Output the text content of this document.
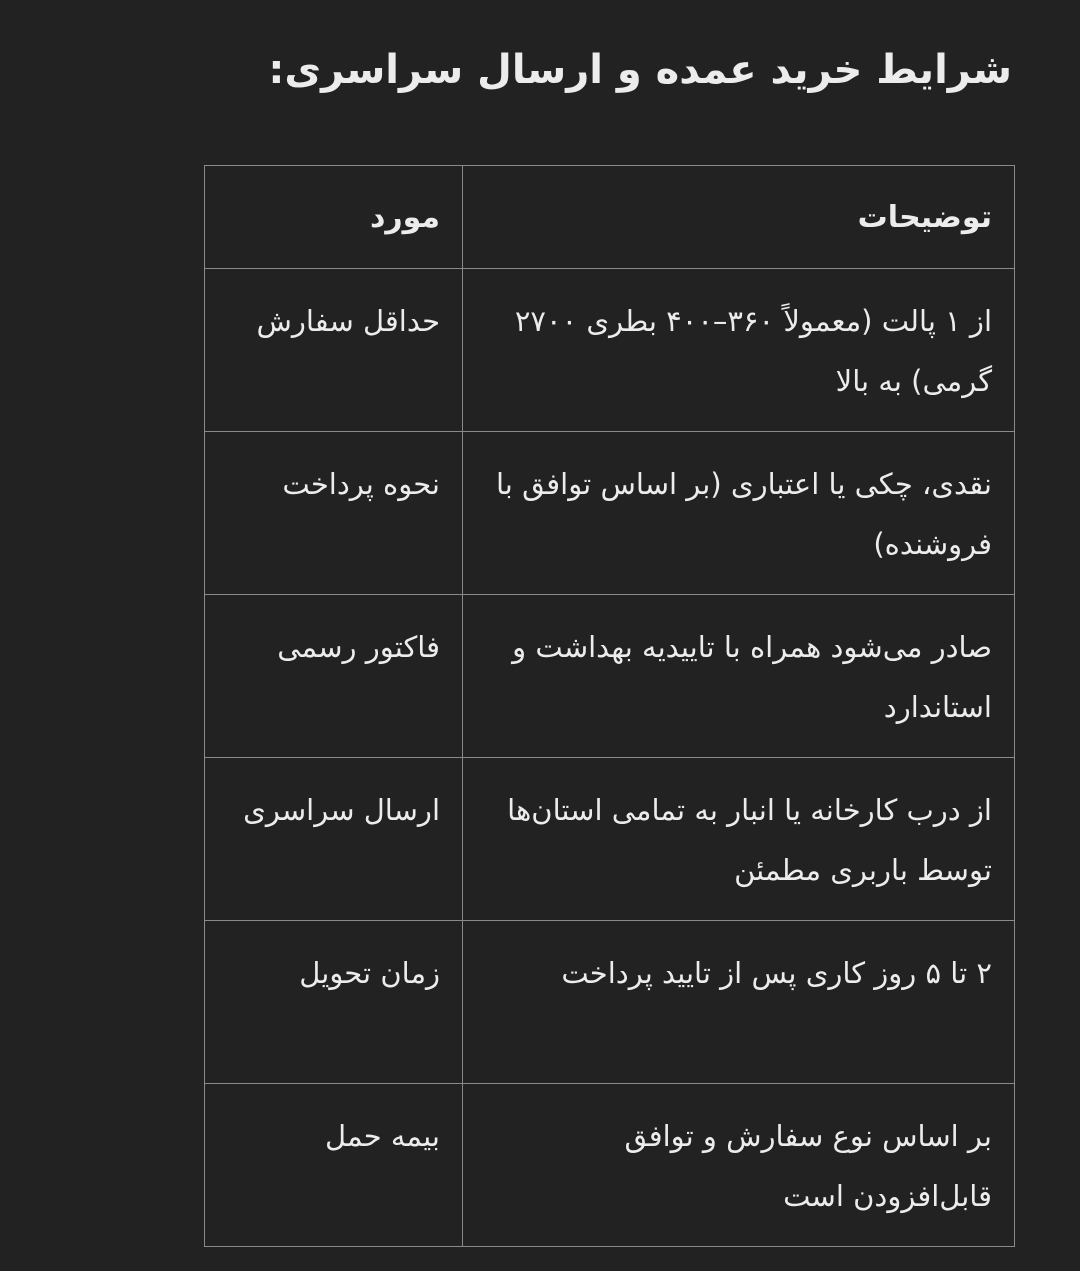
شرایط خرید عمده و ارسال سراسری:
توضیحات	مورد
از ۱ پالت (معمولاً ۳۶۰–۴۰۰ بطری ۲۷۰۰ گرمی) به بالا	حداقل سفارش
نقدی، چکی یا اعتباری (بر اساس توافق با فروشنده)	نحوه پرداخت
صادر می‌شود همراه با تاییدیه بهداشت و استاندارد	فاکتور رسمی
از درب کارخانه یا انبار به تمامی استان‌ها توسط باربری مطمئن	ارسال سراسری
۲ تا ۵ روز کاری پس از تایید پرداخت	زمان تحویل
بر اساس نوع سفارش و توافق قابل‌افزودن است	بیمه حمل
